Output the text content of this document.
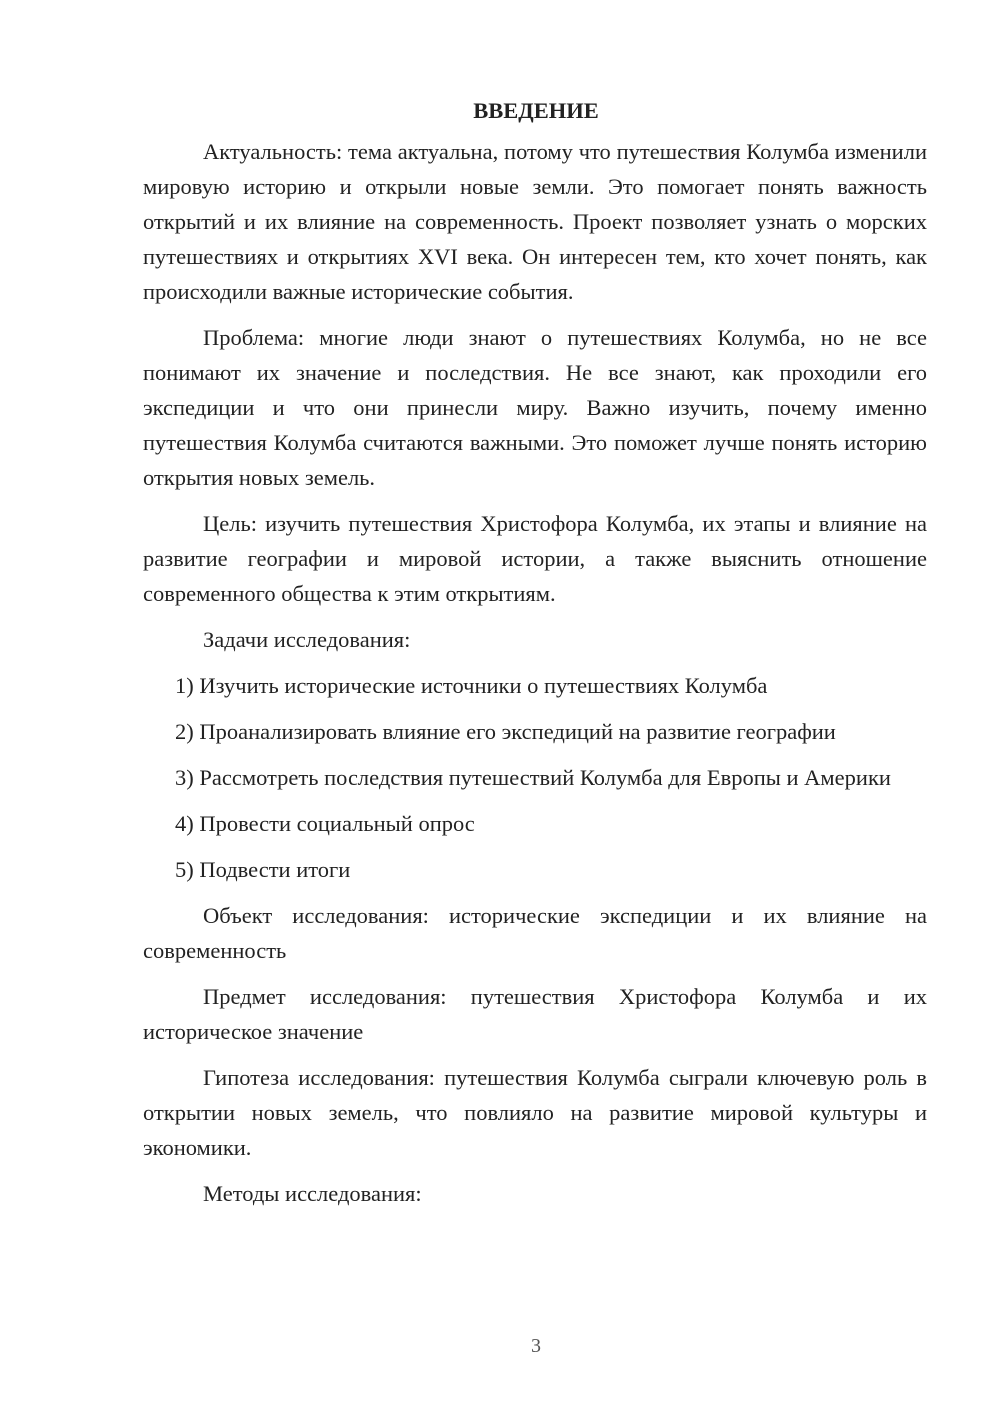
ВВЕДЕНИЕ

Актуальность: тема актуальна, потому что путешествия Колумба изменили мировую историю и открыли новые земли. Это помогает понять важность открытий и их влияние на современность. Проект позволяет узнать о морских путешествиях и открытиях XVI века. Он интересен тем, кто хочет понять, как происходили важные исторические события.

Проблема: многие люди знают о путешествиях Колумба, но не все понимают их значение и последствия. Не все знают, как проходили его экспедиции и что они принесли миру. Важно изучить, почему именно путешествия Колумба считаются важными. Это поможет лучше понять историю открытия новых земель.

Цель: изучить путешествия Христофора Колумба, их этапы и влияние на развитие географии и мировой истории, а также выяснить отношение современного общества к этим открытиям.

Задачи исследования:

1) Изучить исторические источники о путешествиях Колумба

2) Проанализировать влияние его экспедиций на развитие географии

3) Рассмотреть последствия путешествий Колумба для Европы и Америки

4) Провести социальный опрос

5) Подвести итоги

Объект исследования: исторические экспедиции и их влияние на современность

Предмет исследования: путешествия Христофора Колумба и их историческое значение

Гипотеза исследования: путешествия Колумба сыграли ключевую роль в открытии новых земель, что повлияло на развитие мировой культуры и экономики.

Методы исследования:

3
